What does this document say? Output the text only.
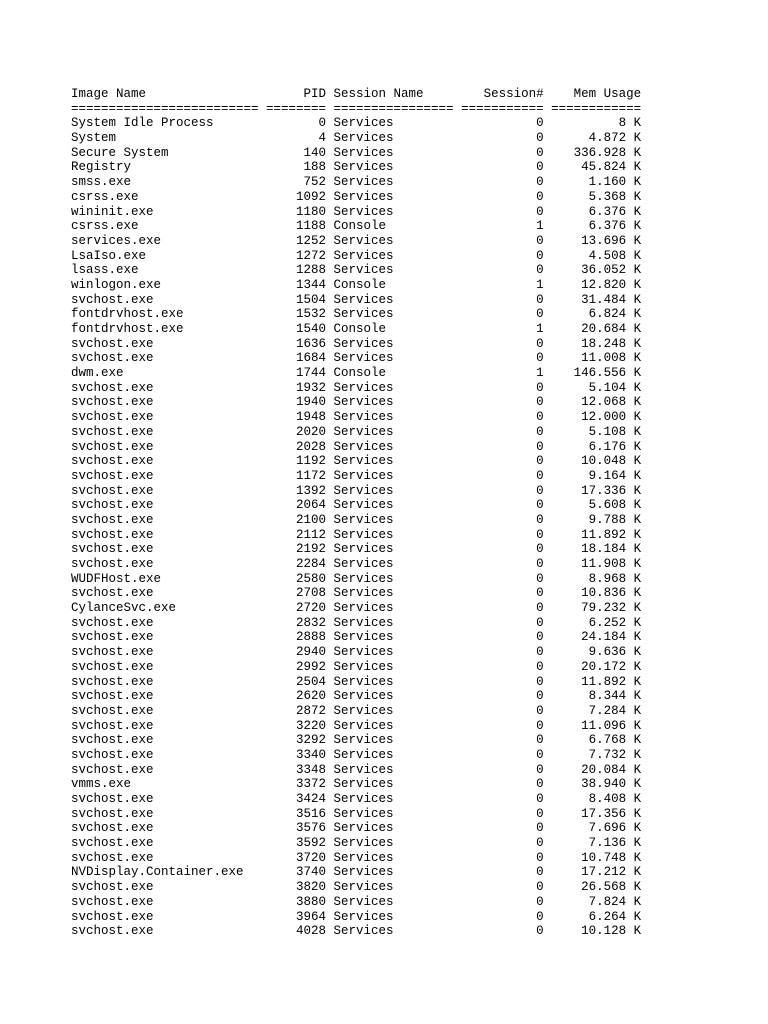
Image Name                     PID Session Name        Session#    Mem Usage
========================= ======== ================ =========== ============
System Idle Process              0 Services                   0          8 K
System                           4 Services                   0      4.872 K
Secure System                  140 Services                   0    336.928 K
Registry                       188 Services                   0     45.824 K
smss.exe                       752 Services                   0      1.160 K
csrss.exe                     1092 Services                   0      5.368 K
wininit.exe                   1180 Services                   0      6.376 K
csrss.exe                     1188 Console                    1      6.376 K
services.exe                  1252 Services                   0     13.696 K
LsaIso.exe                    1272 Services                   0      4.508 K
lsass.exe                     1288 Services                   0     36.052 K
winlogon.exe                  1344 Console                    1     12.820 K
svchost.exe                   1504 Services                   0     31.484 K
fontdrvhost.exe               1532 Services                   0      6.824 K
fontdrvhost.exe               1540 Console                    1     20.684 K
svchost.exe                   1636 Services                   0     18.248 K
svchost.exe                   1684 Services                   0     11.008 K
dwm.exe                       1744 Console                    1    146.556 K
svchost.exe                   1932 Services                   0      5.104 K
svchost.exe                   1940 Services                   0     12.068 K
svchost.exe                   1948 Services                   0     12.000 K
svchost.exe                   2020 Services                   0      5.108 K
svchost.exe                   2028 Services                   0      6.176 K
svchost.exe                   1192 Services                   0     10.048 K
svchost.exe                   1172 Services                   0      9.164 K
svchost.exe                   1392 Services                   0     17.336 K
svchost.exe                   2064 Services                   0      5.608 K
svchost.exe                   2100 Services                   0      9.788 K
svchost.exe                   2112 Services                   0     11.892 K
svchost.exe                   2192 Services                   0     18.184 K
svchost.exe                   2284 Services                   0     11.908 K
WUDFHost.exe                  2580 Services                   0      8.968 K
svchost.exe                   2708 Services                   0     10.836 K
CylanceSvc.exe                2720 Services                   0     79.232 K
svchost.exe                   2832 Services                   0      6.252 K
svchost.exe                   2888 Services                   0     24.184 K
svchost.exe                   2940 Services                   0      9.636 K
svchost.exe                   2992 Services                   0     20.172 K
svchost.exe                   2504 Services                   0     11.892 K
svchost.exe                   2620 Services                   0      8.344 K
svchost.exe                   2872 Services                   0      7.284 K
svchost.exe                   3220 Services                   0     11.096 K
svchost.exe                   3292 Services                   0      6.768 K
svchost.exe                   3340 Services                   0      7.732 K
svchost.exe                   3348 Services                   0     20.084 K
vmms.exe                      3372 Services                   0     38.940 K
svchost.exe                   3424 Services                   0      8.408 K
svchost.exe                   3516 Services                   0     17.356 K
svchost.exe                   3576 Services                   0      7.696 K
svchost.exe                   3592 Services                   0      7.136 K
svchost.exe                   3720 Services                   0     10.748 K
NVDisplay.Container.exe       3740 Services                   0     17.212 K
svchost.exe                   3820 Services                   0     26.568 K
svchost.exe                   3880 Services                   0      7.824 K
svchost.exe                   3964 Services                   0      6.264 K
svchost.exe                   4028 Services                   0     10.128 K
